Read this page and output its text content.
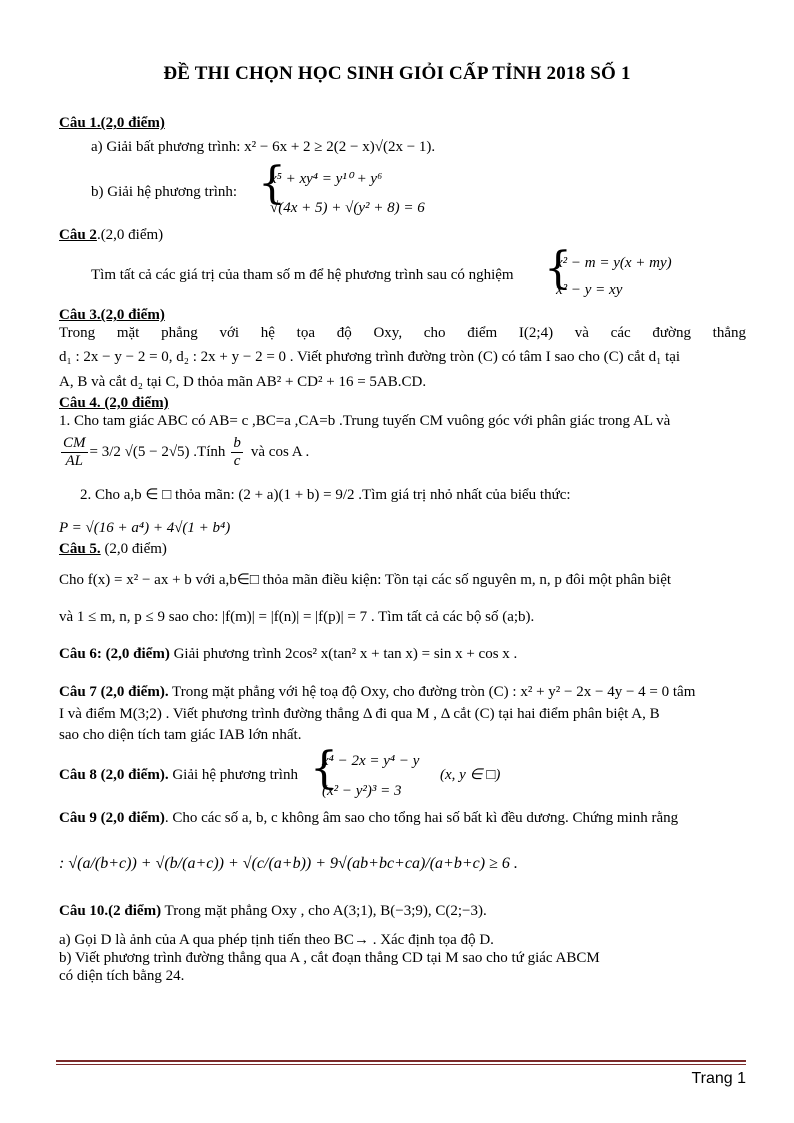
ĐỀ THI CHỌN HỌC SINH GIỎI CẤP TỈNH 2018 SỐ 1
Câu 1.(2,0 điểm)
a) Giải bất phương trình: x² − 6x + 2 ≥ 2(2 − x)√(2x − 1).
b) Giải hệ phương trình: {
x⁵ + xy⁴ = y¹⁰ + y⁶
√(4x + 5) + √(y² + 8) = 6
Câu 2.(2,0 điểm)
Tìm tất cả các giá trị của tham số m để hệ phương trình sau có nghiệm {
x² − m = y(x + my)
x² − y = xy
Câu 3.(2,0 điểm)
Trong mặt phẳng với hệ tọa độ Oxy, cho điểm I(2;4) và các đường thẳng
d₁ : 2x − y − 2 = 0, d₂ : 2x + y − 2 = 0 . Viết phương trình đường tròn (C) có tâm I sao cho (C) cắt d₁ tại
A, B và cắt d₂ tại C, D thỏa mãn AB² + CD² + 16 = 5AB.CD.
Câu 4. (2,0 điểm)
1. Cho tam giác ABC có AB= c ,BC=a ,CA=b .Trung tuyến CM vuông góc với phân giác trong AL và
$\frac{CM}{AL} = 3/2$ √(5 − 2√5) .Tính $\frac{b}{c}$ và cos A .
2. Cho a,b ∈ □ thỏa mãn: (2 + a)(1 + b) = 9/2 .Tìm giá trị nhỏ nhất của biểu thức:
P = √(16 + a⁴) + 4√(1 + b⁴)
Câu 5. (2,0 điểm)
Cho f(x) = x² − ax + b với a,b∈□ thỏa mãn điều kiện: Tồn tại các số nguyên m, n, p đôi một phân biệt
và 1 ≤ m, n, p ≤ 9 sao cho: |f(m)| = |f(n)| = |f(p)| = 7 . Tìm tất cả các bộ số (a;b).
Câu 6: (2,0 điểm) Giải phương trình 2cos² x(tan² x + tan x) = sin x + cos x .
Câu 7 (2,0 điểm). Trong mặt phẳng với hệ toạ độ Oxy, cho đường tròn (C) : x² + y² − 2x − 4y − 4 = 0 tâm
I và điểm M(3;2) . Viết phương trình đường thẳng Δ đi qua M , Δ cắt (C) tại hai điểm phân biệt A, B
sao cho diện tích tam giác IAB lớn nhất.
Câu 8 (2,0 điểm). Giải hệ phương trình {
x⁴ − 2x = y⁴ − y
(x² − y²)³ = 3
(x, y ∈ □)
Câu 9 (2,0 điểm). Cho các số a, b, c không âm sao cho tổng hai số bất kì đều dương. Chứng minh rằng
: √(a/(b+c)) + √(b/(a+c)) + √(c/(a+b)) + 9√(ab+bc+ca)/(a+b+c) ≥ 6 .
Câu 10.(2 điểm) Trong mặt phẳng Oxy , cho A(3;1), B(−3;9), C(2;−3).
a) Gọi D là ảnh của A qua phép tịnh tiến theo BC→ . Xác định tọa độ D.
b) Viết phương trình đường thẳng qua A , cắt đoạn thẳng CD tại M sao cho tứ giác ABCM
có diện tích bằng 24.
Trang 1
